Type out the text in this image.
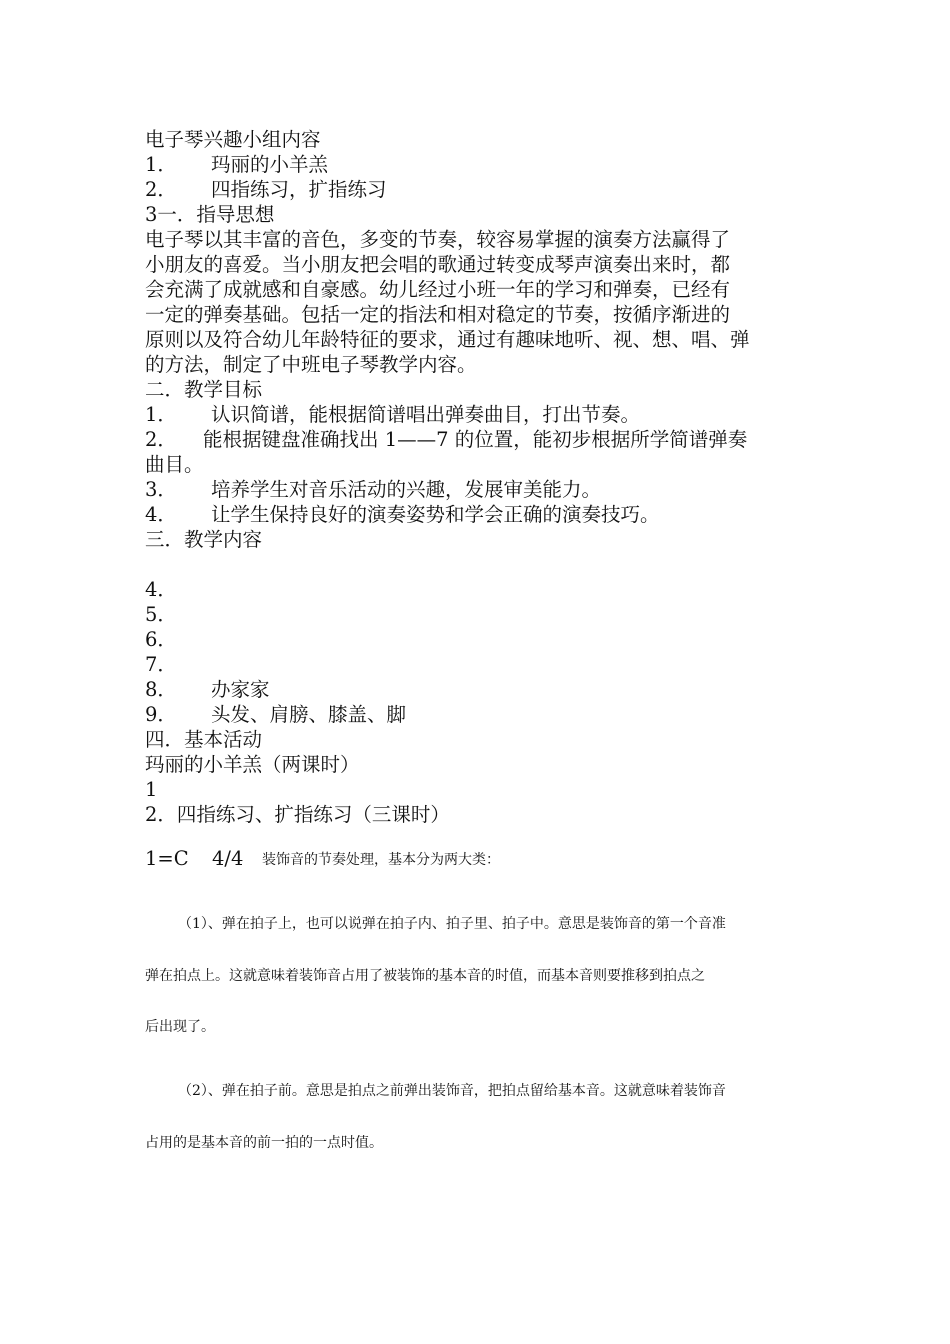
电子琴兴趣小组内容
1． 玛丽的小羊羔
2． 四指练习，扩指练习
3一．指导思想
电子琴以其丰富的音色，多变的节奏，较容易掌握的演奏方法赢得了
小朋友的喜爱。当小朋友把会唱的歌通过转变成琴声演奏出来时，都
会充满了成就感和自豪感。幼儿经过小班一年的学习和弹奏，已经有
一定的弹奏基础。包括一定的指法和相对稳定的节奏，按循序渐进的
原则以及符合幼儿年龄特征的要求，通过有趣味地听、视、想、唱、弹
的方法，制定了中班电子琴教学内容。
二．教学目标
1． 认识简谱，能根据简谱唱出弹奏曲目，打出节奏。
2． 能根据键盘准确找出 1——7 的位置，能初步根据所学简谱弹奏
曲目。
3． 培养学生对音乐活动的兴趣，发展审美能力。
4． 让学生保持良好的演奏姿势和学会正确的演奏技巧。
三．教学内容
4．
5．
6．
7．
8． 办家家
9． 头发、肩膀、膝盖、脚
四．基本活动
玛丽的小羊羔（两课时）
1
2．四指练习、扩指练习（三课时）
1=C 4/4 装饰音的节奏处理，基本分为两大类：
（1）、弹在拍子上，也可以说弹在拍子内、拍子里、拍子中。意思是装饰音的第一个音准
弹在拍点上。这就意味着装饰音占用了被装饰的基本音的时值，而基本音则要推移到拍点之
后出现了。
（2）、弹在拍子前。意思是拍点之前弹出装饰音，把拍点留给基本音。这就意味着装饰音
占用的是基本音的前一拍的一点时值。
